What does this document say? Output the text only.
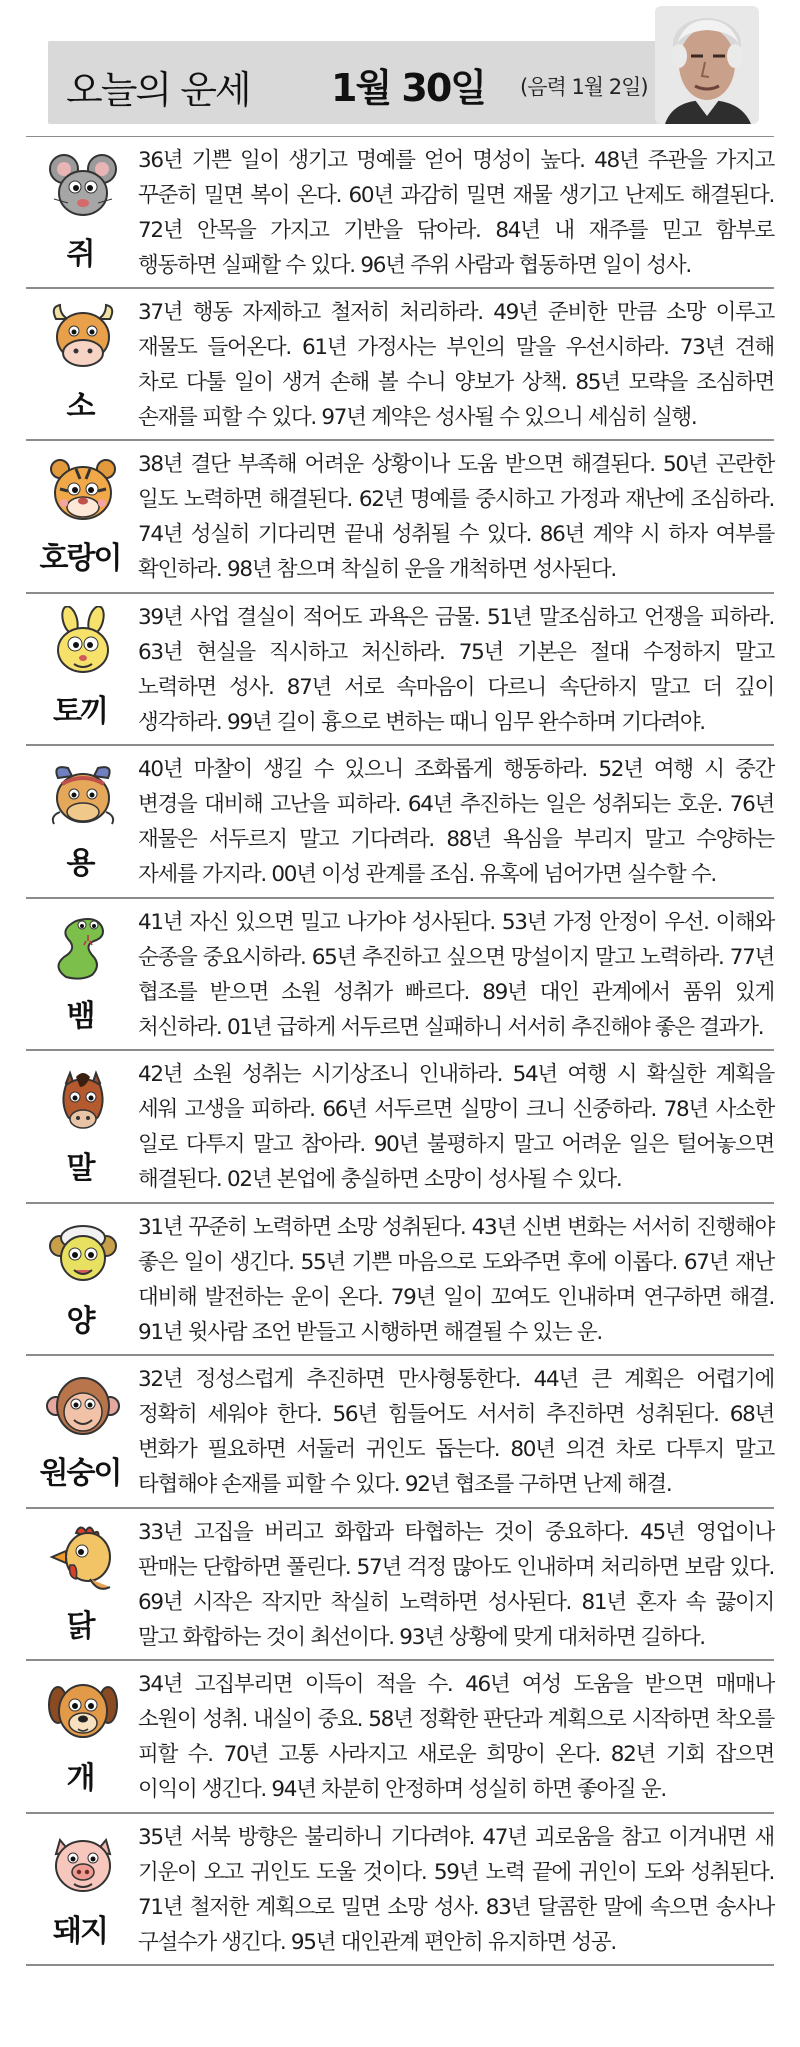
오늘의 운세 1월 30일 (음력 1월 2일)
쥐
36년 기쁜 일이 생기고 명예를 얻어 명성이 높다. 48년 주관을 가지고 꾸준히 밀면 복이 온다. 60년 과감히 밀면 재물 생기고 난제도 해결된다. 72년 안목을 가지고 기반을 닦아라. 84년 내 재주를 믿고 함부로 행동하면 실패할 수 있다. 96년 주위 사람과 협동하면 일이 성사.
소
37년 행동 자제하고 철저히 처리하라. 49년 준비한 만큼 소망 이루고 재물도 들어온다. 61년 가정사는 부인의 말을 우선시하라. 73년 견해 차로 다툴 일이 생겨 손해 볼 수니 양보가 상책. 85년 모략을 조심하면 손재를 피할 수 있다. 97년 계약은 성사될 수 있으니 세심히 실행.
호랑이
38년 결단 부족해 어려운 상황이나 도움 받으면 해결된다. 50년 곤란한 일도 노력하면 해결된다. 62년 명예를 중시하고 가정과 재난에 조심하라. 74년 성실히 기다리면 끝내 성취될 수 있다. 86년 계약 시 하자 여부를 확인하라. 98년 참으며 착실히 운을 개척하면 성사된다.
토끼
39년 사업 결실이 적어도 과욕은 금물. 51년 말조심하고 언쟁을 피하라. 63년 현실을 직시하고 처신하라. 75년 기본은 절대 수정하지 말고 노력하면 성사. 87년 서로 속마음이 다르니 속단하지 말고 더 깊이 생각하라. 99년 길이 흉으로 변하는 때니 임무 완수하며 기다려야.
용
40년 마찰이 생길 수 있으니 조화롭게 행동하라. 52년 여행 시 중간 변경을 대비해 고난을 피하라. 64년 추진하는 일은 성취되는 호운. 76년 재물은 서두르지 말고 기다려라. 88년 욕심을 부리지 말고 수양하는 자세를 가지라. 00년 이성 관계를 조심. 유혹에 넘어가면 실수할 수.
뱀
41년 자신 있으면 밀고 나가야 성사된다. 53년 가정 안정이 우선. 이해와 순종을 중요시하라. 65년 추진하고 싶으면 망설이지 말고 노력하라. 77년 협조를 받으면 소원 성취가 빠르다. 89년 대인 관계에서 품위 있게 처신하라. 01년 급하게 서두르면 실패하니 서서히 추진해야 좋은 결과가.
말
42년 소원 성취는 시기상조니 인내하라. 54년 여행 시 확실한 계획을 세워 고생을 피하라. 66년 서두르면 실망이 크니 신중하라. 78년 사소한 일로 다투지 말고 참아라. 90년 불평하지 말고 어려운 일은 털어놓으면 해결된다. 02년 본업에 충실하면 소망이 성사될 수 있다.
양
31년 꾸준히 노력하면 소망 성취된다. 43년 신변 변화는 서서히 진행해야 좋은 일이 생긴다. 55년 기쁜 마음으로 도와주면 후에 이롭다. 67년 재난 대비해 발전하는 운이 온다. 79년 일이 꼬여도 인내하며 연구하면 해결. 91년 윗사람 조언 받들고 시행하면 해결될 수 있는 운.
원숭이
32년 정성스럽게 추진하면 만사형통한다. 44년 큰 계획은 어렵기에 정확히 세워야 한다. 56년 힘들어도 서서히 추진하면 성취된다. 68년 변화가 필요하면 서둘러 귀인도 돕는다. 80년 의견 차로 다투지 말고 타협해야 손재를 피할 수 있다. 92년 협조를 구하면 난제 해결.
닭
33년 고집을 버리고 화합과 타협하는 것이 중요하다. 45년 영업이나 판매는 단합하면 풀린다. 57년 걱정 많아도 인내하며 처리하면 보람 있다. 69년 시작은 작지만 착실히 노력하면 성사된다. 81년 혼자 속 끓이지 말고 화합하는 것이 최선이다. 93년 상황에 맞게 대처하면 길하다.
개
34년 고집부리면 이득이 적을 수. 46년 여성 도움을 받으면 매매나 소원이 성취. 내실이 중요. 58년 정확한 판단과 계획으로 시작하면 착오를 피할 수. 70년 고통 사라지고 새로운 희망이 온다. 82년 기회 잡으면 이익이 생긴다. 94년 차분히 안정하며 성실히 하면 좋아질 운.
돼지
35년 서북 방향은 불리하니 기다려야. 47년 괴로움을 참고 이겨내면 새 기운이 오고 귀인도 도울 것이다. 59년 노력 끝에 귀인이 도와 성취된다. 71년 철저한 계획으로 밀면 소망 성사. 83년 달콤한 말에 속으면 송사나 구설수가 생긴다. 95년 대인관계 편안히 유지하면 성공.
